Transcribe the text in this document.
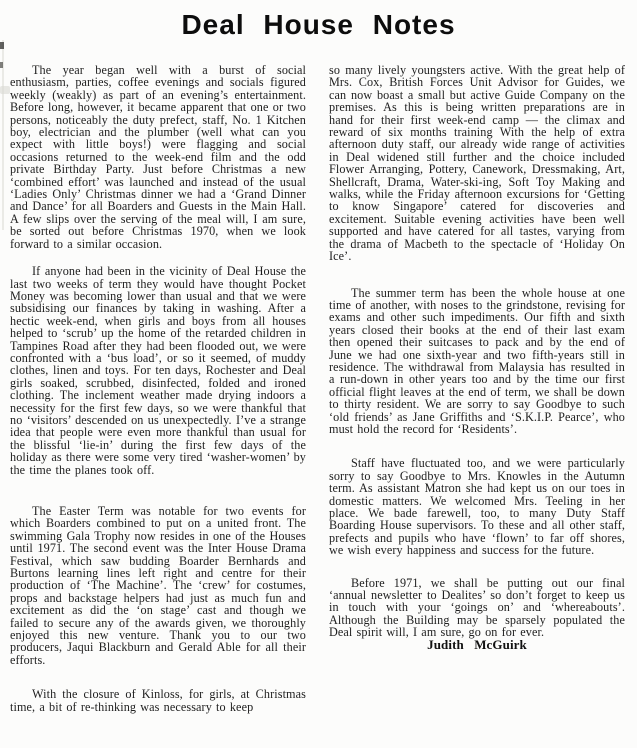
Deal House Notes

The year began well with a burst of social enthusiasm, parties, coffee evenings and socials figured weekly (weakly) as part of an evening’s entertainment. Before long, however, it became apparent that one or two persons, noticeably the duty prefect, staff, No. 1 Kitchen boy, electrician and the plumber (well what can you expect with little boys!) were flagging and social occasions returned to the week-end film and the odd private Birthday Party. Just before Christmas a new ‘combined effort’ was launched and instead of the usual ‘Ladies Only’ Christmas dinner we had a ‘Grand Dinner and Dance’ for all Boarders and Guests in the Main Hall. A few slips over the serving of the meal will, I am sure, be sorted out before Christmas 1970, when we look forward to a similar occasion.

If anyone had been in the vicinity of Deal House the last two weeks of term they would have thought Pocket Money was becoming lower than usual and that we were subsidising our finances by taking in washing. After a hectic week-end, when girls and boys from all houses helped to ‘scrub’ up the home of the retarded children in Tampines Road after they had been flooded out, we were confronted with a ‘bus load’, or so it seemed, of muddy clothes, linen and toys. For ten days, Rochester and Deal girls soaked, scrubbed, disinfected, folded and ironed clothing. The inclement weather made drying indoors a necessity for the first few days, so we were thankful that no ‘visitors’ descended on us unexpectedly. I’ve a strange idea that people were even more thankful than usual for the blissful ‘lie-in’ during the first few days of the holiday as there were some very tired ‘washer-women’ by the time the planes took off.

The Easter Term was notable for two events for which Boarders combined to put on a united front. The swimming Gala Trophy now resides in one of the Houses until 1971. The second event was the Inter House Drama Festival, which saw budding Boarder Bernhards and Burtons learning lines left right and centre for their production of ‘The Machine’. The ‘crew’ for costumes, props and backstage helpers had just as much fun and excitement as did the ‘on stage’ cast and though we failed to secure any of the awards given, we thoroughly enjoyed this new venture. Thank you to our two producers, Jaqui Blackburn and Gerald Able for all their efforts.

With the closure of Kinloss, for girls, at Christmas time, a bit of re-thinking was necessary to keep

so many lively youngsters active. With the great help of Mrs. Cox, British Forces Unit Advisor for Guides, we can now boast a small but active Guide Company on the premises. As this is being written preparations are in hand for their first week-end camp — the climax and reward of six months training With the help of extra afternoon duty staff, our already wide range of activities in Deal widened still further and the choice included Flower Arranging, Pottery, Canework, Dressmaking, Art, Shellcraft, Drama, Water-ski-ing, Soft Toy Making and walks, while the Friday afternoon excursions for ‘Getting to know Singapore’ catered for discoveries and excitement. Suitable evening activities have been well supported and have catered for all tastes, varying from the drama of Macbeth to the spectacle of ‘Holiday On Ice’.

The summer term has been the whole house at one time of another, with noses to the grindstone, revising for exams and other such impediments. Our fifth and sixth years closed their books at the end of their last exam then opened their suitcases to pack and by the end of June we had one sixth-year and two fifth-years still in residence. The withdrawal from Malaysia has resulted in a run-down in other years too and by the time our first official flight leaves at the end of term, we shall be down to thirty resident. We are sorry to say Goodbye to such ‘old friends’ as Jane Griffiths and ‘S.K.I.P. Pearce’, who must hold the record for ‘Residents’.

Staff have fluctuated too, and we were particularly sorry to say Goodbye to Mrs. Knowles in the Autumn term. As assistant Matron she had kept us on our toes in domestic matters. We welcomed Mrs. Teeling in her place. We bade farewell, too, to many Duty Staff Boarding House supervisors. To these and all other staff, prefects and pupils who have ‘flown’ to far off shores, we wish every happiness and success for the future.

Before 1971, we shall be putting out our final ‘annual newsletter to Dealites’ so don’t forget to keep us in touch with your ‘goings on’ and ‘whereabouts’. Although the Building may be sparsely populated the Deal spirit will, I am sure, go on for ever.

Judith McGuirk
